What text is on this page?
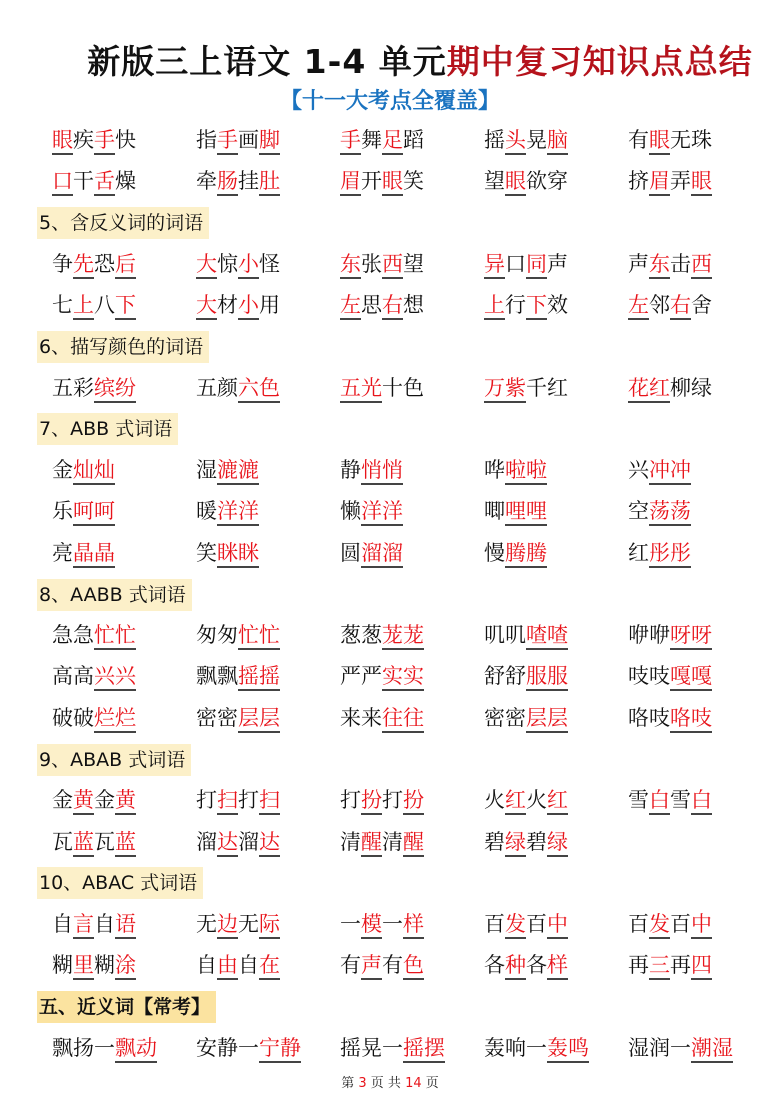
新版三上语文 1-4 单元期中复习知识点总结
【十一大考点全覆盖】
眼疾手快	指手画脚	手舞足蹈	摇头晃脑	有眼无珠
口干舌燥	牵肠挂肚	眉开眼笑	望眼欲穿	挤眉弄眼
5、含反义词的词语
争先恐后	大惊小怪	东张西望	异口同声	声东击西
七上八下	大材小用	左思右想	上行下效	左邻右舍
6、描写颜色的词语
五彩缤纷	五颜六色	五光十色	万紫千红	花红柳绿
7、ABB 式词语
金灿灿	湿漉漉	静悄悄	哗啦啦	兴冲冲
乐呵呵	暖洋洋	懒洋洋	唧哩哩	空荡荡
亮晶晶	笑眯眯	圆溜溜	慢腾腾	红彤彤
8、AABB 式词语
急急忙忙	匆匆忙忙	葱葱茏茏	叽叽喳喳	咿咿呀呀
高高兴兴	飘飘摇摇	严严实实	舒舒服服	吱吱嘎嘎
破破烂烂	密密层层	来来往往	密密层层	咯吱咯吱
9、ABAB 式词语
金黄金黄	打扫打扫	打扮打扮	火红火红	雪白雪白
瓦蓝瓦蓝	溜达溜达	清醒清醒	碧绿碧绿
10、ABAC 式词语
自言自语	无边无际	一模一样	百发百中	百发百中
糊里糊涂	自由自在	有声有色	各种各样	再三再四
五、近义词【常考】
飘扬一飘动	安静一宁静	摇晃一摇摆	轰响一轰鸣	湿润一潮湿
第 3 页 共 14 页
